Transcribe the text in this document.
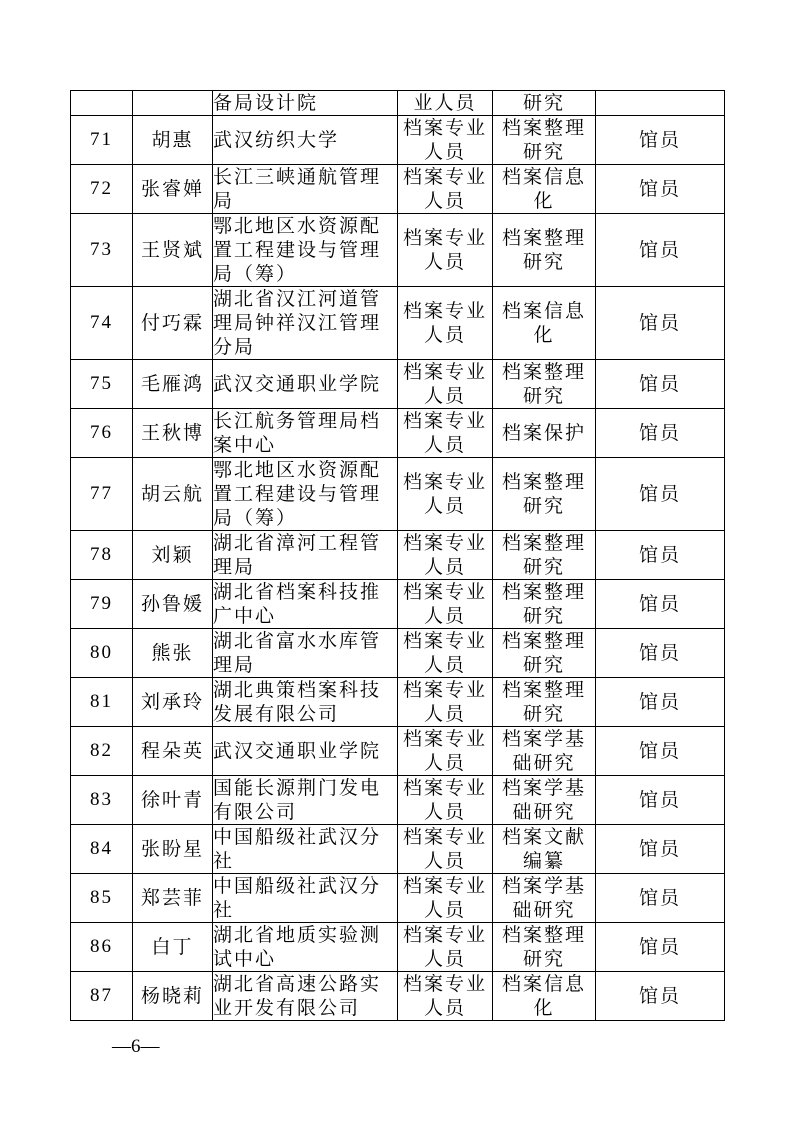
		备局设计院	业人员	研究	
71	胡惠	武汉纺织大学	档案专业人员	档案整理研究	馆员
72	张睿婵	长江三峡通航管理局	档案专业人员	档案信息化	馆员
73	王贤斌	鄂北地区水资源配置工程建设与管理局（筹）	档案专业人员	档案整理研究	馆员
74	付巧霖	湖北省汉江河道管理局钟祥汉江管理分局	档案专业人员	档案信息化	馆员
75	毛雁鸿	武汉交通职业学院	档案专业人员	档案整理研究	馆员
76	王秋博	长江航务管理局档案中心	档案专业人员	档案保护	馆员
77	胡云航	鄂北地区水资源配置工程建设与管理局（筹）	档案专业人员	档案整理研究	馆员
78	刘颖	湖北省漳河工程管理局	档案专业人员	档案整理研究	馆员
79	孙鲁媛	湖北省档案科技推广中心	档案专业人员	档案整理研究	馆员
80	熊张	湖北省富水水库管理局	档案专业人员	档案整理研究	馆员
81	刘承玲	湖北典策档案科技发展有限公司	档案专业人员	档案整理研究	馆员
82	程朵英	武汉交通职业学院	档案专业人员	档案学基础研究	馆员
83	徐叶青	国能长源荆门发电有限公司	档案专业人员	档案学基础研究	馆员
84	张盼星	中国船级社武汉分社	档案专业人员	档案文献编纂	馆员
85	郑芸菲	中国船级社武汉分社	档案专业人员	档案学基础研究	馆员
86	白丁	湖北省地质实验测试中心	档案专业人员	档案整理研究	馆员
87	杨晓莉	湖北省高速公路实业开发有限公司	档案专业人员	档案信息化	馆员
—6—
